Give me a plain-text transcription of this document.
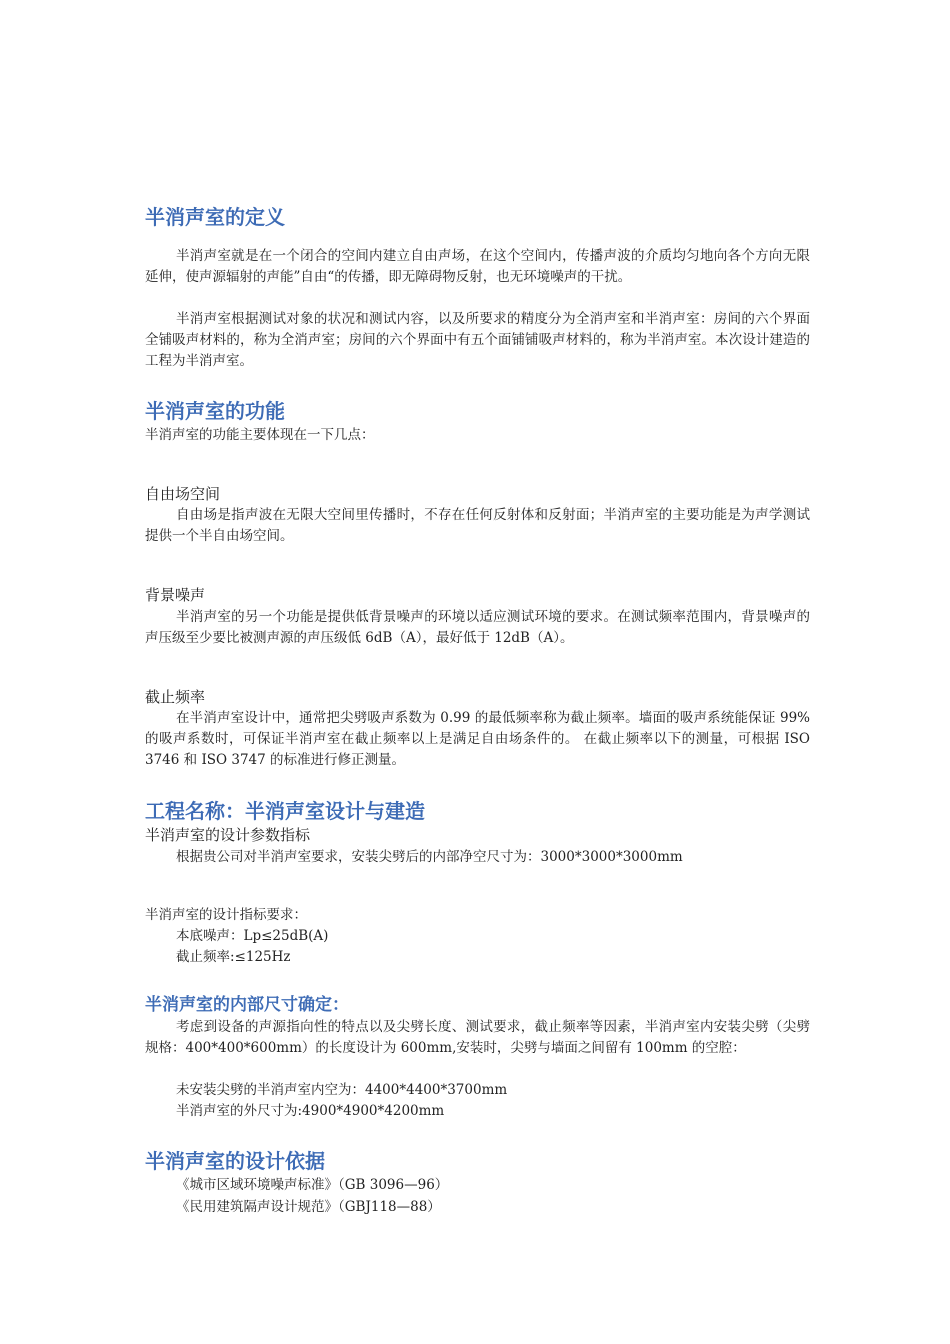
半消声室的定义

半消声室就是在一个闭合的空间内建立自由声场，在这个空间内，传播声波的介质均匀地向各个方向无限延伸，使声源辐射的声能”自由“的传播，即无障碍物反射，也无环境噪声的干扰。

半消声室根据测试对象的状况和测试内容，以及所要求的精度分为全消声室和半消声室：房间的六个界面全铺吸声材料的，称为全消声室；房间的六个界面中有五个面铺铺吸声材料的，称为半消声室。本次设计建造的工程为半消声室。

半消声室的功能
半消声室的功能主要体现在一下几点：
自由场空间

自由场是指声波在无限大空间里传播时，不存在任何反射体和反射面；半消声室的主要功能是为声学测试提供一个半自由场空间。

背景噪声

半消声室的另一个功能是提供低背景噪声的环境以适应测试环境的要求。在测试频率范围内，背景噪声的声压级至少要比被测声源的声压级低 6dB（A），最好低于 12dB（A）。

截止频率

在半消声室设计中，通常把尖劈吸声系数为 0.99 的最低频率称为截止频率。墙面的吸声系统能保证 99%的吸声系数时，可保证半消声室在截止频率以上是满足自由场条件的。 在截止频率以下的测量，可根据 ISO 3746 和 ISO 3747 的标准进行修正测量。

工程名称：半消声室设计与建造
半消声室的设计参数指标
根据贵公司对半消声室要求，安装尖劈后的内部净空尺寸为：3000*3000*3000mm
半消声室的设计指标要求：
本底噪声：Lp≤25dB(A)
截止频率:≤125Hz
半消声室的内部尺寸确定：

考虑到设备的声源指向性的特点以及尖劈长度、测试要求，截止频率等因素，半消声室内安装尖劈（尖劈规格：400*400*600mm）的长度设计为 600mm,安装时，尖劈与墙面之间留有 100mm 的空腔：

未安装尖劈的半消声室内空为：4400*4400*3700mm
半消声室的外尺寸为:4900*4900*4200mm
半消声室的设计依据
《城市区域环境噪声标准》（GB 3096—96）
《民用建筑隔声设计规范》（GBJ118—88）
